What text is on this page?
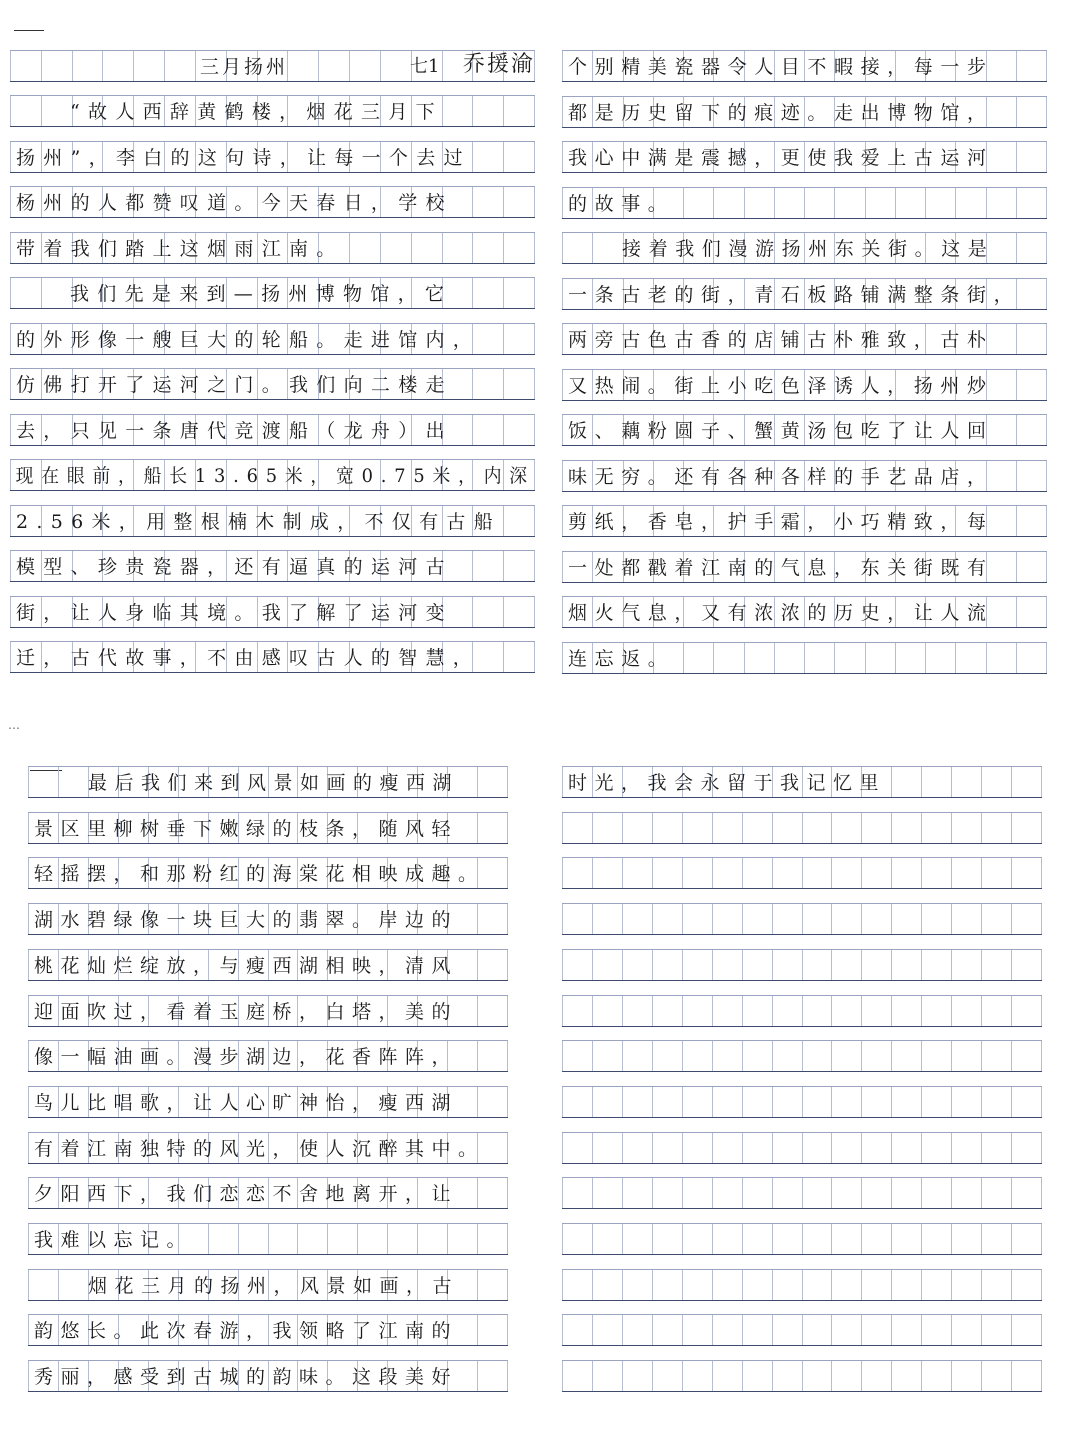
三月扬州	七1 乔援渝
“故人西辞黄鹤楼，烟花三月下
扬州”，李白的这句诗，让每一个去过
杨州的人都赞叹道。今天春日，学校
带着我们踏上这烟雨江南。
我们先是来到—扬州博物馆，它
的外形像一艘巨大的轮船。走进馆内，
仿佛打开了运河之门。我们向二楼走
去，只见一条唐代竞渡船（龙舟）出
现在眼前，船长13.65米，宽0.75米，内深
2.56米，用整根楠木制成，不仅有古船
模型、珍贵瓷器，还有逼真的运河古
街，让人身临其境。我了解了运河变
迁，古代故事，不由感叹古人的智慧，
个别精美瓷器令人目不暇接，每一步
都是历史留下的痕迹。走出博物馆，
我心中满是震撼，更使我爱上古运河
的故事。
接着我们漫游扬州东关街。这是
一条古老的街，青石板路铺满整条街，
两旁古色古香的店铺古朴雅致，古朴
又热闹。街上小吃色泽诱人，扬州炒
饭、藕粉圆子、蟹黄汤包吃了让人回
味无穷。还有各种各样的手艺品店，
剪纸，香皂，护手霜，小巧精致，每
一处都戳着江南的气息，东关街既有
烟火气息，又有浓浓的历史，让人流
连忘返。
…
最后我们来到风景如画的瘦西湖
景区里柳树垂下嫩绿的枝条，随风轻
轻摇摆，和那粉红的海棠花相映成趣。
湖水碧绿像一块巨大的翡翠。岸边的
桃花灿烂绽放，与瘦西湖相映，清风
迎面吹过，看着玉庭桥，白塔，美的
像一幅油画。漫步湖边，花香阵阵，
鸟儿比唱歌，让人心旷神怡，瘦西湖
有着江南独特的风光，使人沉醉其中。
夕阳西下，我们恋恋不舍地离开，让
我难以忘记。
烟花三月的扬州，风景如画，古
韵悠长。此次春游，我领略了江南的
秀丽，感受到古城的韵味。这段美好
时光，我会永留于我记忆里
